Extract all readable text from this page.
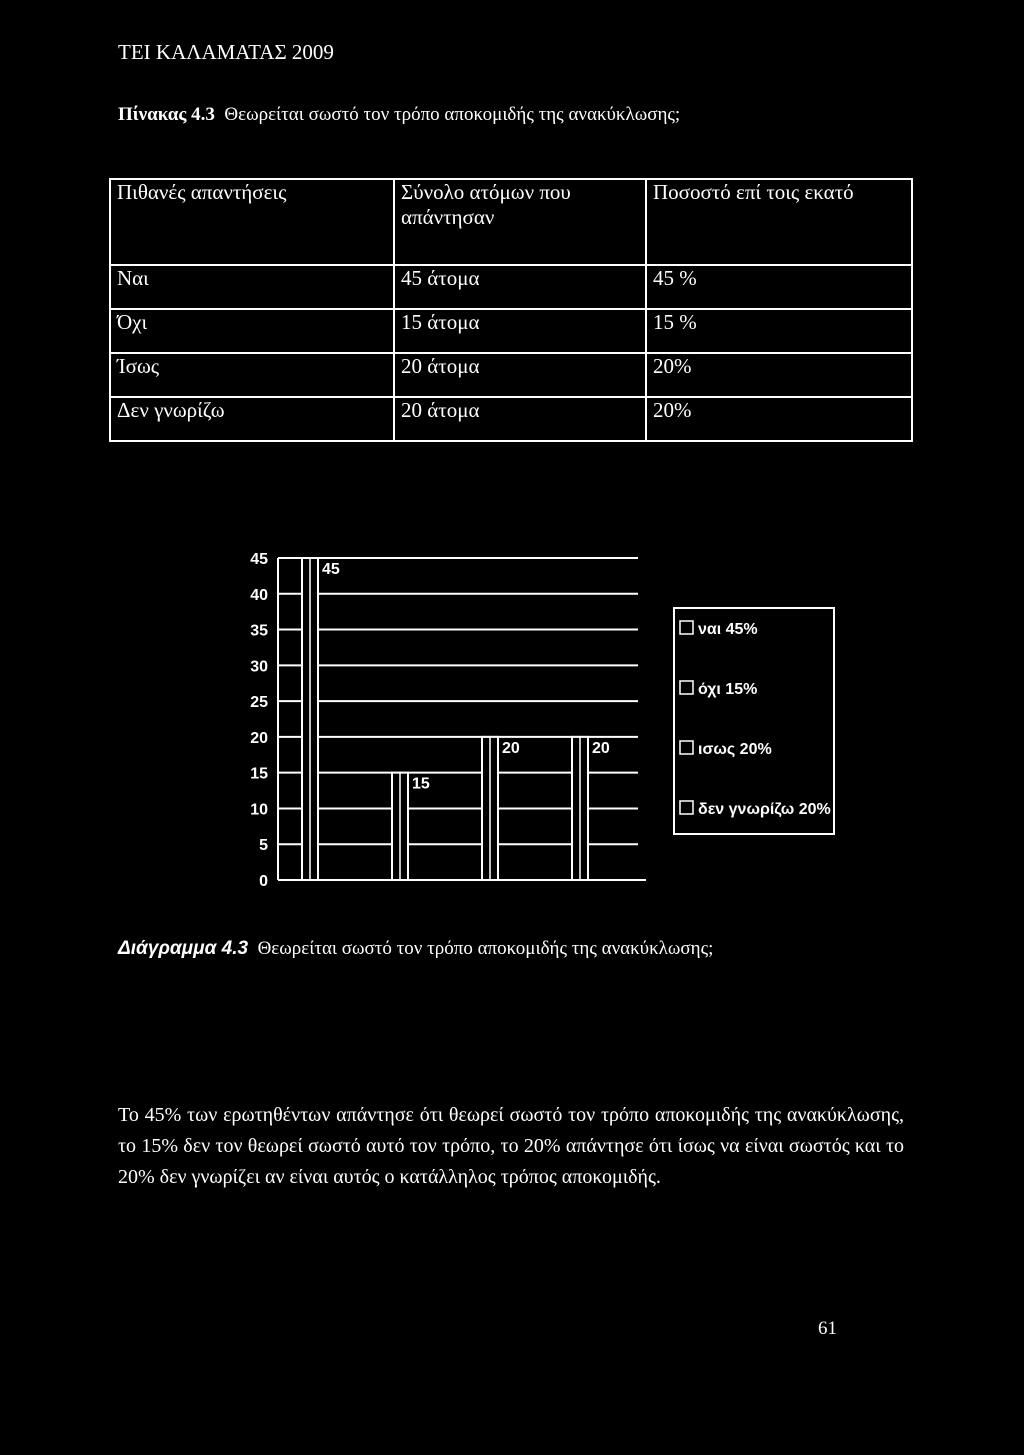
ΤΕΙ ΚΑΛΑΜΑΤΑΣ 2009
Πίνακας 4.3 Θεωρείται σωστό τον τρόπο αποκομιδής της ανακύκλωσης;
Πιθανές απαντήσεις	Σύνολο ατόμων που απάντησαν	Ποσοστό επί τοις εκατό
Ναι	45 άτομα	45 %
Όχι	15 άτομα	15 %
Ίσως	20 άτομα	20%
Δεν γνωρίζω	20 άτομα	20%
0
5
10
15
20
25
30
35
40
45
45
15
20	20
ναι 45%
όχι 15%
ισως 20%
δεν γνωρίζω 20%
Διάγραμμα 4.3 Θεωρείται σωστό τον τρόπο αποκομιδής της ανακύκλωσης;
Το 45% των ερωτηθέντων απάντησε ότι θεωρεί σωστό τον τρόπο αποκομιδής της ανακύκλωσης, το 15% δεν τον θεωρεί σωστό αυτό τον τρόπο, το 20% απάντησε ότι ίσως να είναι σωστός και το 20% δεν γνωρίζει αν είναι αυτός ο κατάλληλος τρόπος αποκομιδής.
61
